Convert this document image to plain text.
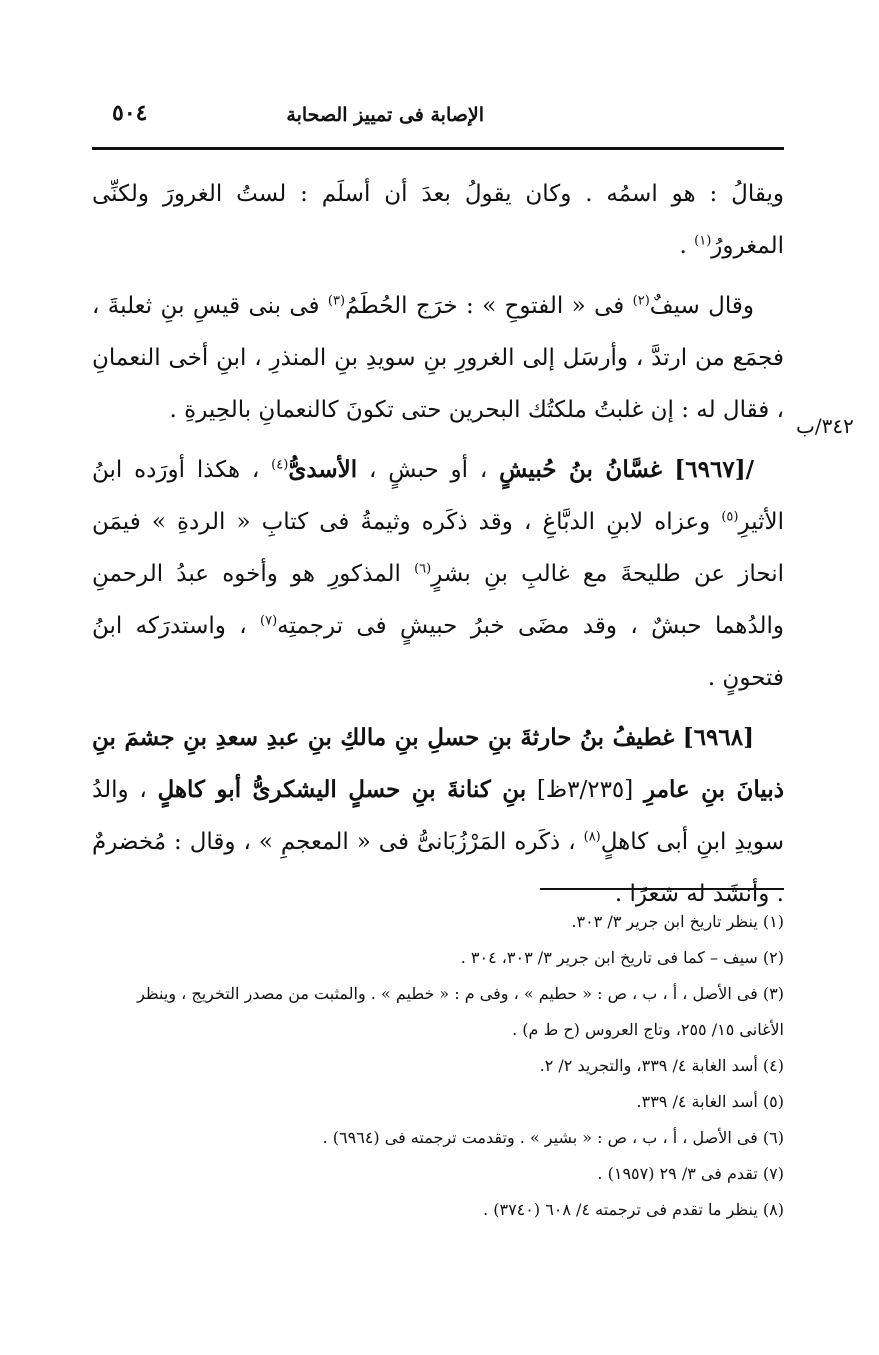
الإصابة فى تمييز الصحابة
٥٠٤
٣٤٢/ب

ويقالُ : هو اسمُه . وكان يقولُ بعدَ أن أسلَم : لستُ الغرورَ ولكنِّى المغرورُ$^{(١)}$ .

وقال سيفٌ$^{(٢)}$ فى « الفتوحِ » : خرَج الحُطَمُ$^{(٣)}$ فى بنى قيسِ بنِ ثعلبةَ ، فجمَع من ارتدَّ ، وأرسَل إلى الغرورِ بنِ سويدِ بنِ المنذرِ ، ابنِ أخى النعمانِ ، فقال له : إن غلبتُ ملكتُك البحرين حتى تكونَ كالنعمانِ بالحِيرةِ .

/[٦٩٦٧] غسَّانُ بنُ حُبيشٍ ، أو حبشٍ ، الأسدىُّ$^{(٤)}$ ، هكذا أورَده ابنُ الأثيرِ$^{(٥)}$ وعزاه لابنِ الدبَّاغِ ، وقد ذكَره وثيمةُ فى كتابِ « الردةِ » فيمَن انحاز عن طليحةَ مع غالبِ بنِ بشرٍ$^{(٦)}$ المذكورِ هو وأخوه عبدُ الرحمنِ والدُهما حبشٌ ، وقد مضَى خبرُ حبيشٍ فى ترجمتِه$^{(٧)}$ ، واستدرَكه ابنُ فتحونٍ .

[٦٩٦٨] غطيفُ بنُ حارثةَ بنِ حسلِ بنِ مالكِ بنِ عبدِ سعدِ بنِ جشمَ بنِ ذبيانَ بنِ عامرِ [٣/٢٣٥ظ] بنِ كنانةَ بنِ حسلٍ اليشكرىُّ أبو كاهلٍ ، والدُ سويدِ ابنِ أبى كاهلٍ$^{(٨)}$ ، ذكَره المَرْزُبَانىُّ فى « المعجمِ » ، وقال : مُخضرمٌ . وأنشَد له شعرًا .

(١) ينظر تاريخ ابن جرير ٣/ ٣٠٣.

(٢) سيف – كما فى تاريخ ابن جرير ٣/ ٣٠٣، ٣٠٤ .

(٣) فى الأصل ، أ ، ب ، ص : « حطيم » ، وفى م : « خطيم » . والمثبت من مصدر التخريج ، وينظر الأغانى ١٥/ ٢٥٥، وتاج العروس (ح ط م) .

(٤) أسد الغابة ٤/ ٣٣٩، والتجريد ٢/ ٢.

(٥) أسد الغابة ٤/ ٣٣٩.

(٦) فى الأصل ، أ ، ب ، ص : « بشير » . وتقدمت ترجمته فى (٦٩٦٤) .

(٧) تقدم فى ٣/ ٢٩ (١٩٥٧) .

(٨) ينظر ما تقدم فى ترجمته ٤/ ٦٠٨ (٣٧٤٠) .
